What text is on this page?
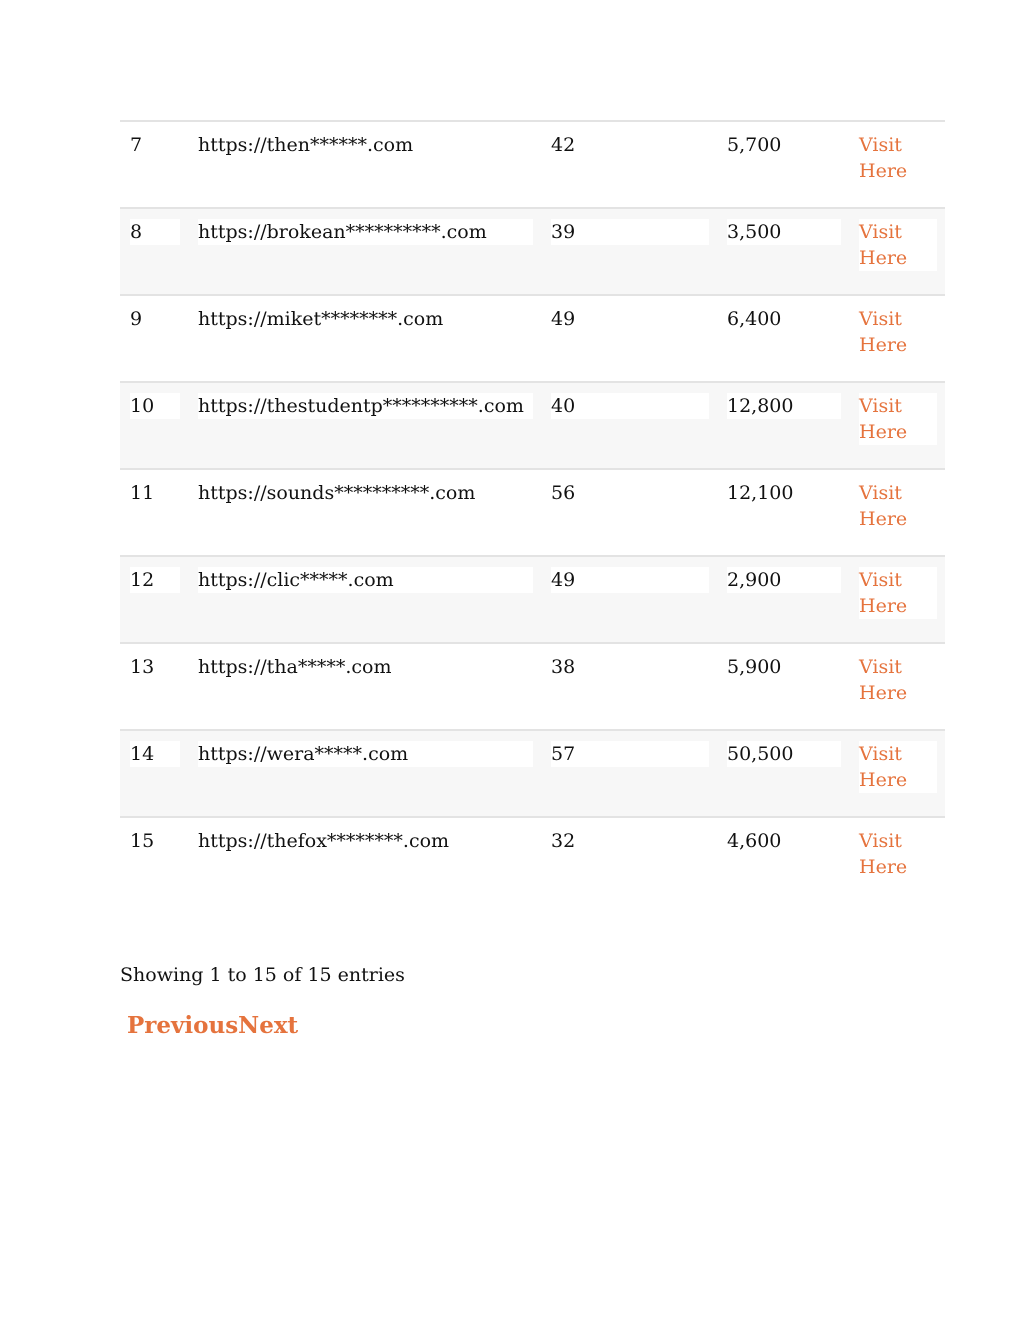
7	https://then******.com	42	5,700	Visit Here

8	https://brokean**********.com	39	3,500	Visit Here

9	https://miket********.com	49	6,400	Visit Here

10	https://thestudentp**********.com	40	12,800	Visit Here

11	https://sounds**********.com	56	12,100	Visit Here

12	https://clic*****.com	49	2,900	Visit Here

13	https://tha*****.com	38	5,900	Visit Here

14	https://wera*****.com	57	50,500	Visit Here

15	https://thefox********.com	32	4,600	Visit Here
Showing 1 to 15 of 15 entries
PreviousNext
